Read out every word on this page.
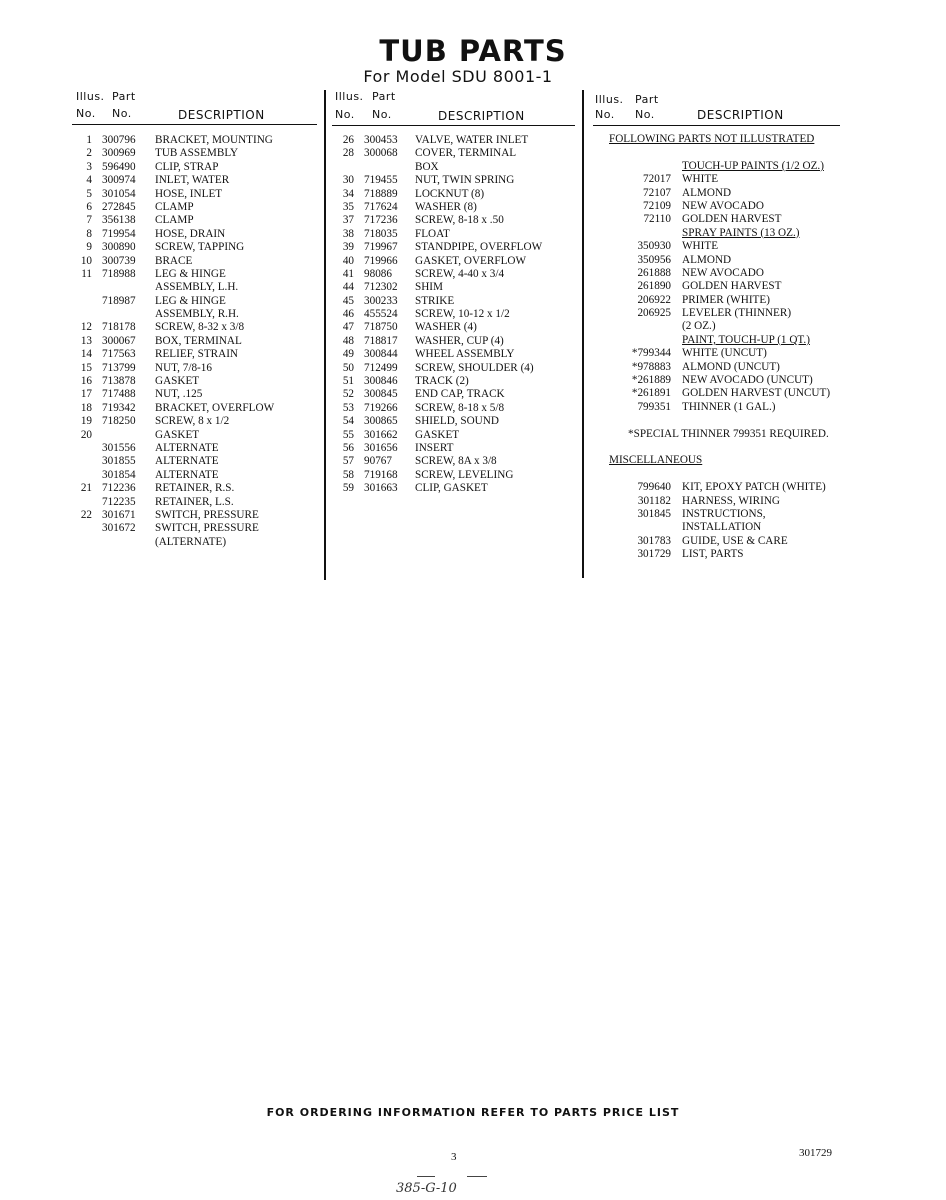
TUB PARTS
For Model SDU 8001-1
Illus. Part
No. No.	DESCRIPTION
Illus. Part
No. No.	DESCRIPTION
Illus. Part
No. No.	DESCRIPTION
1 300796 BRACKET, MOUNTING
2 300969 TUB ASSEMBLY
3 596490 CLIP, STRAP
4 300974 INLET, WATER
5 301054 HOSE, INLET
6 272845 CLAMP
7 356138 CLAMP
8 719954 HOSE, DRAIN
9 300890 SCREW, TAPPING
10 300739 BRACE
11 718988 LEG & HINGE
ASSEMBLY, L.H.
718987 LEG & HINGE
ASSEMBLY, R.H.
12 718178 SCREW, 8-32 x 3/8
13 300067 BOX, TERMINAL
14 717563 RELIEF, STRAIN
15 713799 NUT, 7/8-16
16 713878 GASKET
17 717488 NUT, .125
18 719342 BRACKET, OVERFLOW
19 718250 SCREW, 8 x 1/2
20	GASKET
301556 ALTERNATE
301855 ALTERNATE
301854 ALTERNATE
21 712236 RETAINER, R.S.
712235 RETAINER, L.S.
22 301671 SWITCH, PRESSURE
301672 SWITCH, PRESSURE
(ALTERNATE)
26 300453 VALVE, WATER INLET
28 300068 COVER, TERMINAL
BOX
30 719455 NUT, TWIN SPRING
34 718889 LOCKNUT (8)
35 717624 WASHER (8)
37 717236 SCREW, 8-18 x .50
38 718035 FLOAT
39 719967 STANDPIPE, OVERFLOW
40 719966 GASKET, OVERFLOW
41 98086 SCREW, 4-40 x 3/4
44 712302 SHIM
45 300233 STRIKE
46 455524 SCREW, 10-12 x 1/2
47 718750 WASHER (4)
48 718817 WASHER, CUP (4)
49 300844 WHEEL ASSEMBLY
50 712499 SCREW, SHOULDER (4)
51 300846 TRACK (2)
52 300845 END CAP, TRACK
53 719266 SCREW, 8-18 x 5/8
54 300865 SHIELD, SOUND
55 301662 GASKET
56 301656 INSERT
57 90767 SCREW, 8A x 3/8
58 719168 SCREW, LEVELING
59 301663 CLIP, GASKET
FOLLOWING PARTS NOT ILLUSTRATED
TOUCH-UP PAINTS (1/2 OZ.)
72017 WHITE
72107 ALMOND
72109 NEW AVOCADO
72110 GOLDEN HARVEST
SPRAY PAINTS (13 OZ.)
350930 WHITE
350956 ALMOND
261888 NEW AVOCADO
261890 GOLDEN HARVEST
206922 PRIMER (WHITE)
206925 LEVELER (THINNER)
(2 OZ.)
PAINT, TOUCH-UP (1 QT.)
*799344 WHITE (UNCUT)
*978883 ALMOND (UNCUT)
*261889 NEW AVOCADO (UNCUT)
*261891 GOLDEN HARVEST (UNCUT)
799351 THINNER (1 GAL.)
*SPECIAL THINNER 799351 REQUIRED.
MISCELLANEOUS
799640 KIT, EPOXY PATCH (WHITE)
301182 HARNESS, WIRING
301845 INSTRUCTIONS,
INSTALLATION
301783 GUIDE, USE & CARE
301729 LIST, PARTS
FOR ORDERING INFORMATION REFER TO PARTS PRICE LIST
3	301729
385-G-10
